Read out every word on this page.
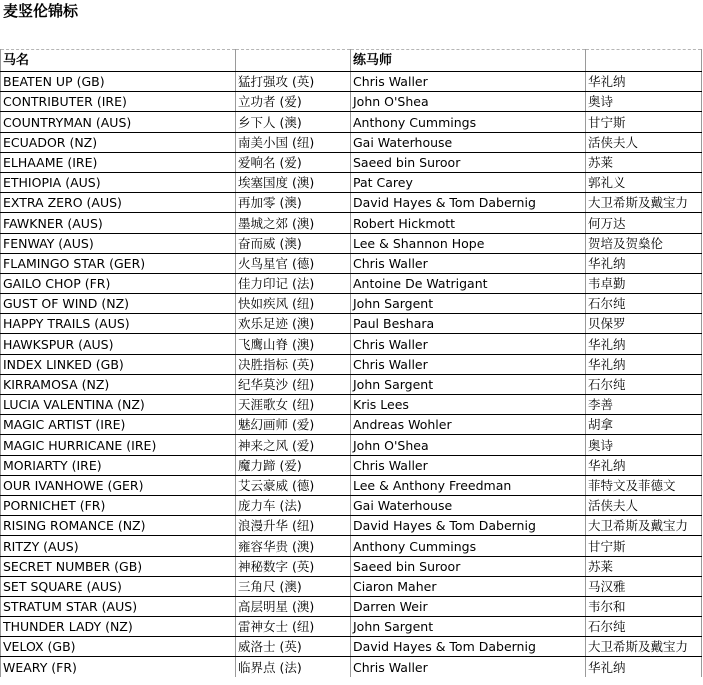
麦竖伦锦标
马名		练马师	
BEATEN UP (GB)	猛打强攻 (英)	Chris Waller	华礼纳
CONTRIBUTER (IRE)	立功者 (爱)	John O'Shea	奥诗
COUNTRYMAN (AUS)	乡下人 (澳)	Anthony Cummings	甘宁斯
ECUADOR (NZ)	南美小国 (纽)	Gai Waterhouse	活侠夫人
ELHAAME (IRE)	爱响名 (爱)	Saeed bin Suroor	苏莱
ETHIOPIA (AUS)	埃塞国度 (澳)	Pat Carey	郭礼义
EXTRA ZERO (AUS)	再加零 (澳)	David Hayes & Tom Dabernig	大卫希斯及戴宝力
FAWKNER (AUS)	墨城之郊 (澳)	Robert Hickmott	何万达
FENWAY (AUS)	奋而威 (澳)	Lee & Shannon Hope	贺培及贺燊伦
FLAMINGO STAR (GER)	火鸟星官 (德)	Chris Waller	华礼纳
GAILO CHOP (FR)	佳力印记 (法)	Antoine De Watrigant	韦卓勤
GUST OF WIND (NZ)	快如疾风 (纽)	John Sargent	石尔纯
HAPPY TRAILS (AUS)	欢乐足迹 (澳)	Paul Beshara	贝保罗
HAWKSPUR (AUS)	飞鹰山脊 (澳)	Chris Waller	华礼纳
INDEX LINKED (GB)	决胜指标 (英)	Chris Waller	华礼纳
KIRRAMOSA (NZ)	纪华莫沙 (纽)	John Sargent	石尔纯
LUCIA VALENTINA (NZ)	天涯歌女 (纽)	Kris Lees	李善
MAGIC ARTIST (IRE)	魅幻画师 (爱)	Andreas Wohler	胡拿
MAGIC HURRICANE (IRE)	神来之风 (爱)	John O'Shea	奥诗
MORIARTY (IRE)	魔力蹄 (爱)	Chris Waller	华礼纳
OUR IVANHOWE (GER)	艾云豪威 (德)	Lee & Anthony Freedman	菲特文及菲德文
PORNICHET (FR)	庞力车 (法)	Gai Waterhouse	活侠夫人
RISING ROMANCE (NZ)	浪漫升华 (纽)	David Hayes & Tom Dabernig	大卫希斯及戴宝力
RITZY (AUS)	雍容华贵 (澳)	Anthony Cummings	甘宁斯
SECRET NUMBER (GB)	神秘数字 (英)	Saeed bin Suroor	苏莱
SET SQUARE (AUS)	三角尺 (澳)	Ciaron Maher	马汉雅
STRATUM STAR (AUS)	高层明星 (澳)	Darren Weir	韦尔和
THUNDER LADY (NZ)	雷神女士 (纽)	John Sargent	石尔纯
VELOX (GB)	威洛士 (英)	David Hayes & Tom Dabernig	大卫希斯及戴宝力
WEARY (FR)	临界点 (法)	Chris Waller	华礼纳
